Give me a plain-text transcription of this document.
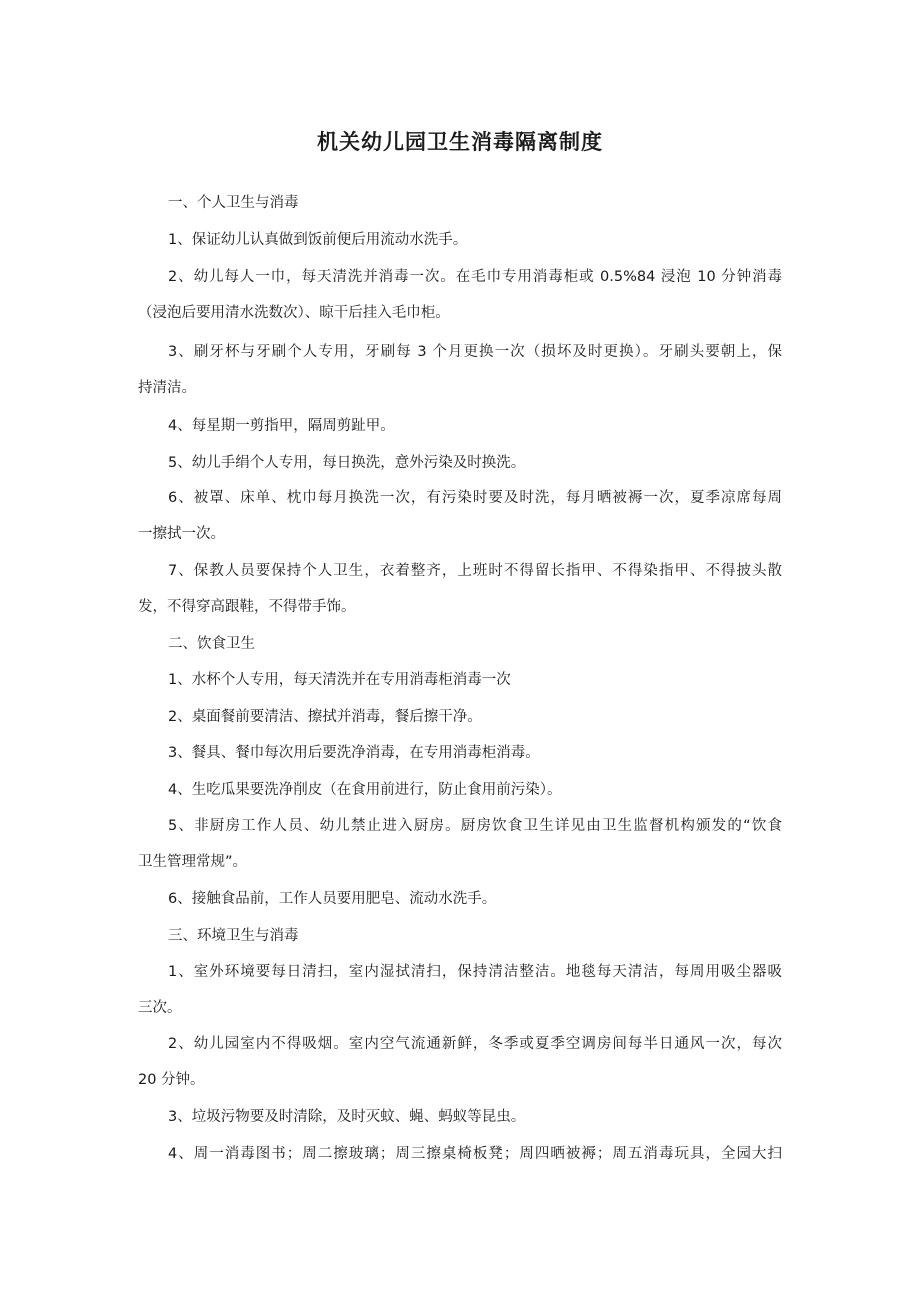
机关幼儿园卫生消毒隔离制度

一、个人卫生与消毒

1、保证幼儿认真做到饭前便后用流动水洗手。

2、幼儿每人一巾，每天清洗并消毒一次。在毛巾专用消毒柜或 0.5%84 浸泡 10 分钟消毒

（浸泡后要用清水洗数次）、晾干后挂入毛巾柜。

3、刷牙杯与牙刷个人专用，牙刷每 3 个月更换一次（损坏及时更换）。牙刷头要朝上，保

持清洁。

4、每星期一剪指甲，隔周剪趾甲。

5、幼儿手绢个人专用，每日换洗，意外污染及时换洗。

6、被罩、床单、枕巾每月换洗一次，有污染时要及时洗，每月晒被褥一次，夏季凉席每周

一擦拭一次。

7、保教人员要保持个人卫生，衣着整齐，上班时不得留长指甲、不得染指甲、不得披头散

发，不得穿高跟鞋，不得带手饰。

二、饮食卫生

1、水杯个人专用，每天清洗并在专用消毒柜消毒一次

2、桌面餐前要清洁、擦拭并消毒，餐后擦干净。

3、餐具、餐巾每次用后要洗净消毒，在专用消毒柜消毒。

4、生吃瓜果要洗净削皮（在食用前进行，防止食用前污染）。

5、非厨房工作人员、幼儿禁止进入厨房。厨房饮食卫生详见由卫生监督机构颁发的“饮食

卫生管理常规”。

6、接触食品前，工作人员要用肥皂、流动水洗手。

三、环境卫生与消毒

1、室外环境要每日清扫，室内湿拭清扫，保持清洁整洁。地毯每天清洁，每周用吸尘器吸

三次。

2、幼儿园室内不得吸烟。室内空气流通新鲜，冬季或夏季空调房间每半日通风一次，每次

20 分钟。

3、垃圾污物要及时清除，及时灭蚊、蝇、蚂蚁等昆虫。

4、周一消毒图书；周二擦玻璃；周三擦桌椅板凳；周四晒被褥；周五消毒玩具，全园大扫
